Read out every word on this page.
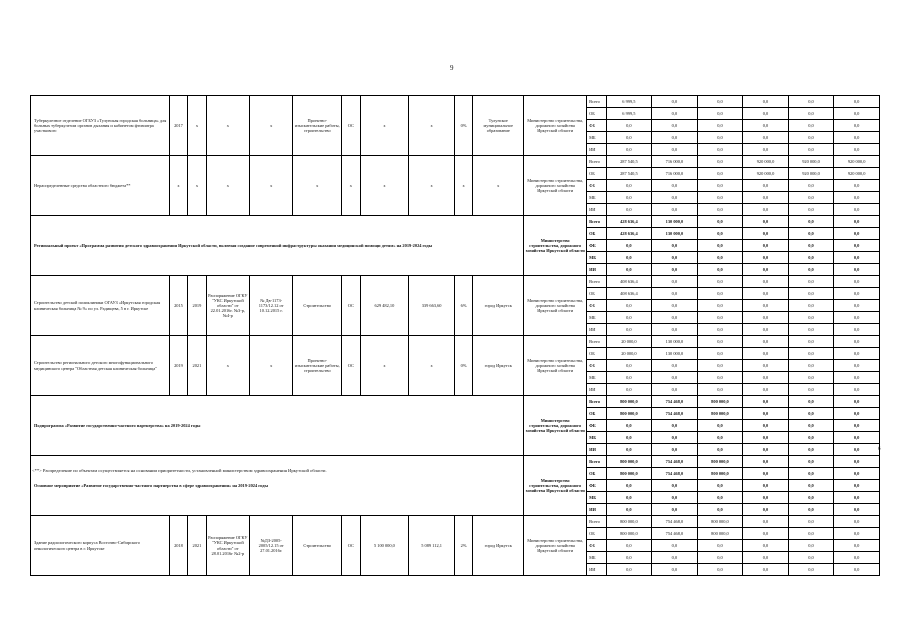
9
Туберкулезное отделение ОГБУЗ «Тулунская городская больница» для больных туберкулезом органов дыхания и кабинетом фтизиатра участкового	2017	х	х	х	Проектно-изыскательские работы, строительство	ОС	х	х	0%	Тулунское муниципальное образование	Министерство строительства, дорожного хозяйства Иркутской области	Всего	6 999,5	0,0	0,0	0,0	0,0	0,0
												ОБ	6 999,5	0,0	0,0	0,0	0,0	0,0
												ФБ	0,0	0,0	0,0	0,0	0,0	0,0
												МБ	0,0	0,0	0,0	0,0	0,0	0,0
												ИИ	0,0	0,0	0,0	0,0	0,0	0,0
Нераспределенные средства областного бюджета**	х	х	х	х	х	х	х	х	х	х	Министерство строительства, дорожного хозяйства Иркутской области	Всего	287 540,5	716 000,0	0,0	920 000,0	920 000,0	920 000,0
												ОБ	287 540,5	716 000,0	0,0	920 000,0	920 000,0	920 000,0
												ФБ	0,0	0,0	0,0	0,0	0,0	0,0
												МБ	0,0	0,0	0,0	0,0	0,0	0,0
												ИИ	0,0	0,0	0,0	0,0	0,0	0,0
Региональный проект «Программа развития детского здравоохранения Иркутской области, включая создание современной инфраструктуры оказания медицинской помощи детям» на 2019-2024 годы											Министерство строительства, дорожного хозяйства Иркутской области	Всего	428 636,4	130 000,0	0,0	0,0	0,0	0,0
												ОБ	428 636,4	130 000,0	0,0	0,0	0,0	0,0
												ФБ	0,0	0,0	0,0	0,0	0,0	0,0
												МБ	0,0	0,0	0,0	0,0	0,0	0,0
												ИИ	0,0	0,0	0,0	0,0	0,0	0,0
Строительство детской поликлиники ОГАУЗ «Иркутская городская клиническая больница № 9» по ул. Радищева, 5 в г. Иркутске	2015	2019	Распоряжение ОГКУ "УКС Иркутской области" от 22.01.2016г. №3-р, №4-р	№ Дв-1173-1173/12.12 от 10.12.2015 г.	Строительство	ОС	629 482,10	339 663,60	6%	город Иркутск	Министерство строительства, дорожного хозяйства Иркутской области	Всего	408 636,4	0,0	0,0	0,0	0,0	0,0
												ОБ	408 636,4	0,0	0,0	0,0	0,0	0,0
												ФБ	0,0	0,0	0,0	0,0	0,0	0,0
												МБ	0,0	0,0	0,0	0,0	0,0	0,0
												ИИ	0,0	0,0	0,0	0,0	0,0	0,0
Строительство регионального детского многофункционального медицинского центра "Областная детская клиническая больница"	2019	2021	х	х	Проектно-изыскательские работы, строительство	ОС	х	х	0%	город Иркутск	Министерство строительства, дорожного хозяйства Иркутской области	Всего	20 000,0	130 000,0	0,0	0,0	0,0	0,0
												ОБ	20 000,0	130 000,0	0,0	0,0	0,0	0,0
												ФБ	0,0	0,0	0,0	0,0	0,0	0,0
												МБ	0,0	0,0	0,0	0,0	0,0	0,0
												ИИ	0,0	0,0	0,0	0,0	0,0	0,0
Подпрограмма «Развитие государственно-частного партнерства» на 2019-2024 годы											Министерство строительства, дорожного хозяйства Иркутской области	Всего	800 000,0	754 468,0	800 000,0	0,0	0,0	0,0
												ОБ	800 000,0	754 468,0	800 000,0	0,0	0,0	0,0
												ФБ	0,0	0,0	0,0	0,0	0,0	0,0
												МБ	0,0	0,0	0,0	0,0	0,0	0,0
												ИИ	0,0	0,0	0,0	0,0	0,0	0,0
Основное мероприятие «Развитие государственно-частного партнерства в сфере здравоохранения» на 2019-2024 годы											Министерство строительства, дорожного хозяйства Иркутской области	Всего	800 000,0	754 468,0	800 000,0	0,0	0,0	0,0
												ОБ	800 000,0	754 468,0	800 000,0	0,0	0,0	0,0
												ФБ	0,0	0,0	0,0	0,0	0,0	0,0
												МБ	0,0	0,0	0,0	0,0	0,0	0,0
												ИИ	0,0	0,0	0,0	0,0	0,0	0,0
Здание радиологического корпуса Восточно-Сибирского онкологического центра в г. Иркутске	2018	2021	Распоряжение ОГКУ "УКС Иркутской области" от 28.01.2016г №2-р	№ДЗ-2005-2005/12.15 от 27.01.2016г.	Строительство	ОС	5 100 000,0	5 089 112,1	2%	город Иркутск	Министерство строительства, дорожного хозяйства Иркутской области	Всего	800 000,0	754 468,0	800 000,0	0,0	0,0	0,0
												ОБ	800 000,0	754 468,0	800 000,0	0,0	0,0	0,0
												ФБ	0,0	0,0	0,0	0,0	0,0	0,0
												МБ	0,0	0,0	0,0	0,0	0,0	0,0
												ИИ	0,0	0,0	0,0	0,0	0,0	0,0
<**> Распределение по объектам осуществляется на основании приоритетности, установленной министерством здравоохранения Иркутской области.
6
